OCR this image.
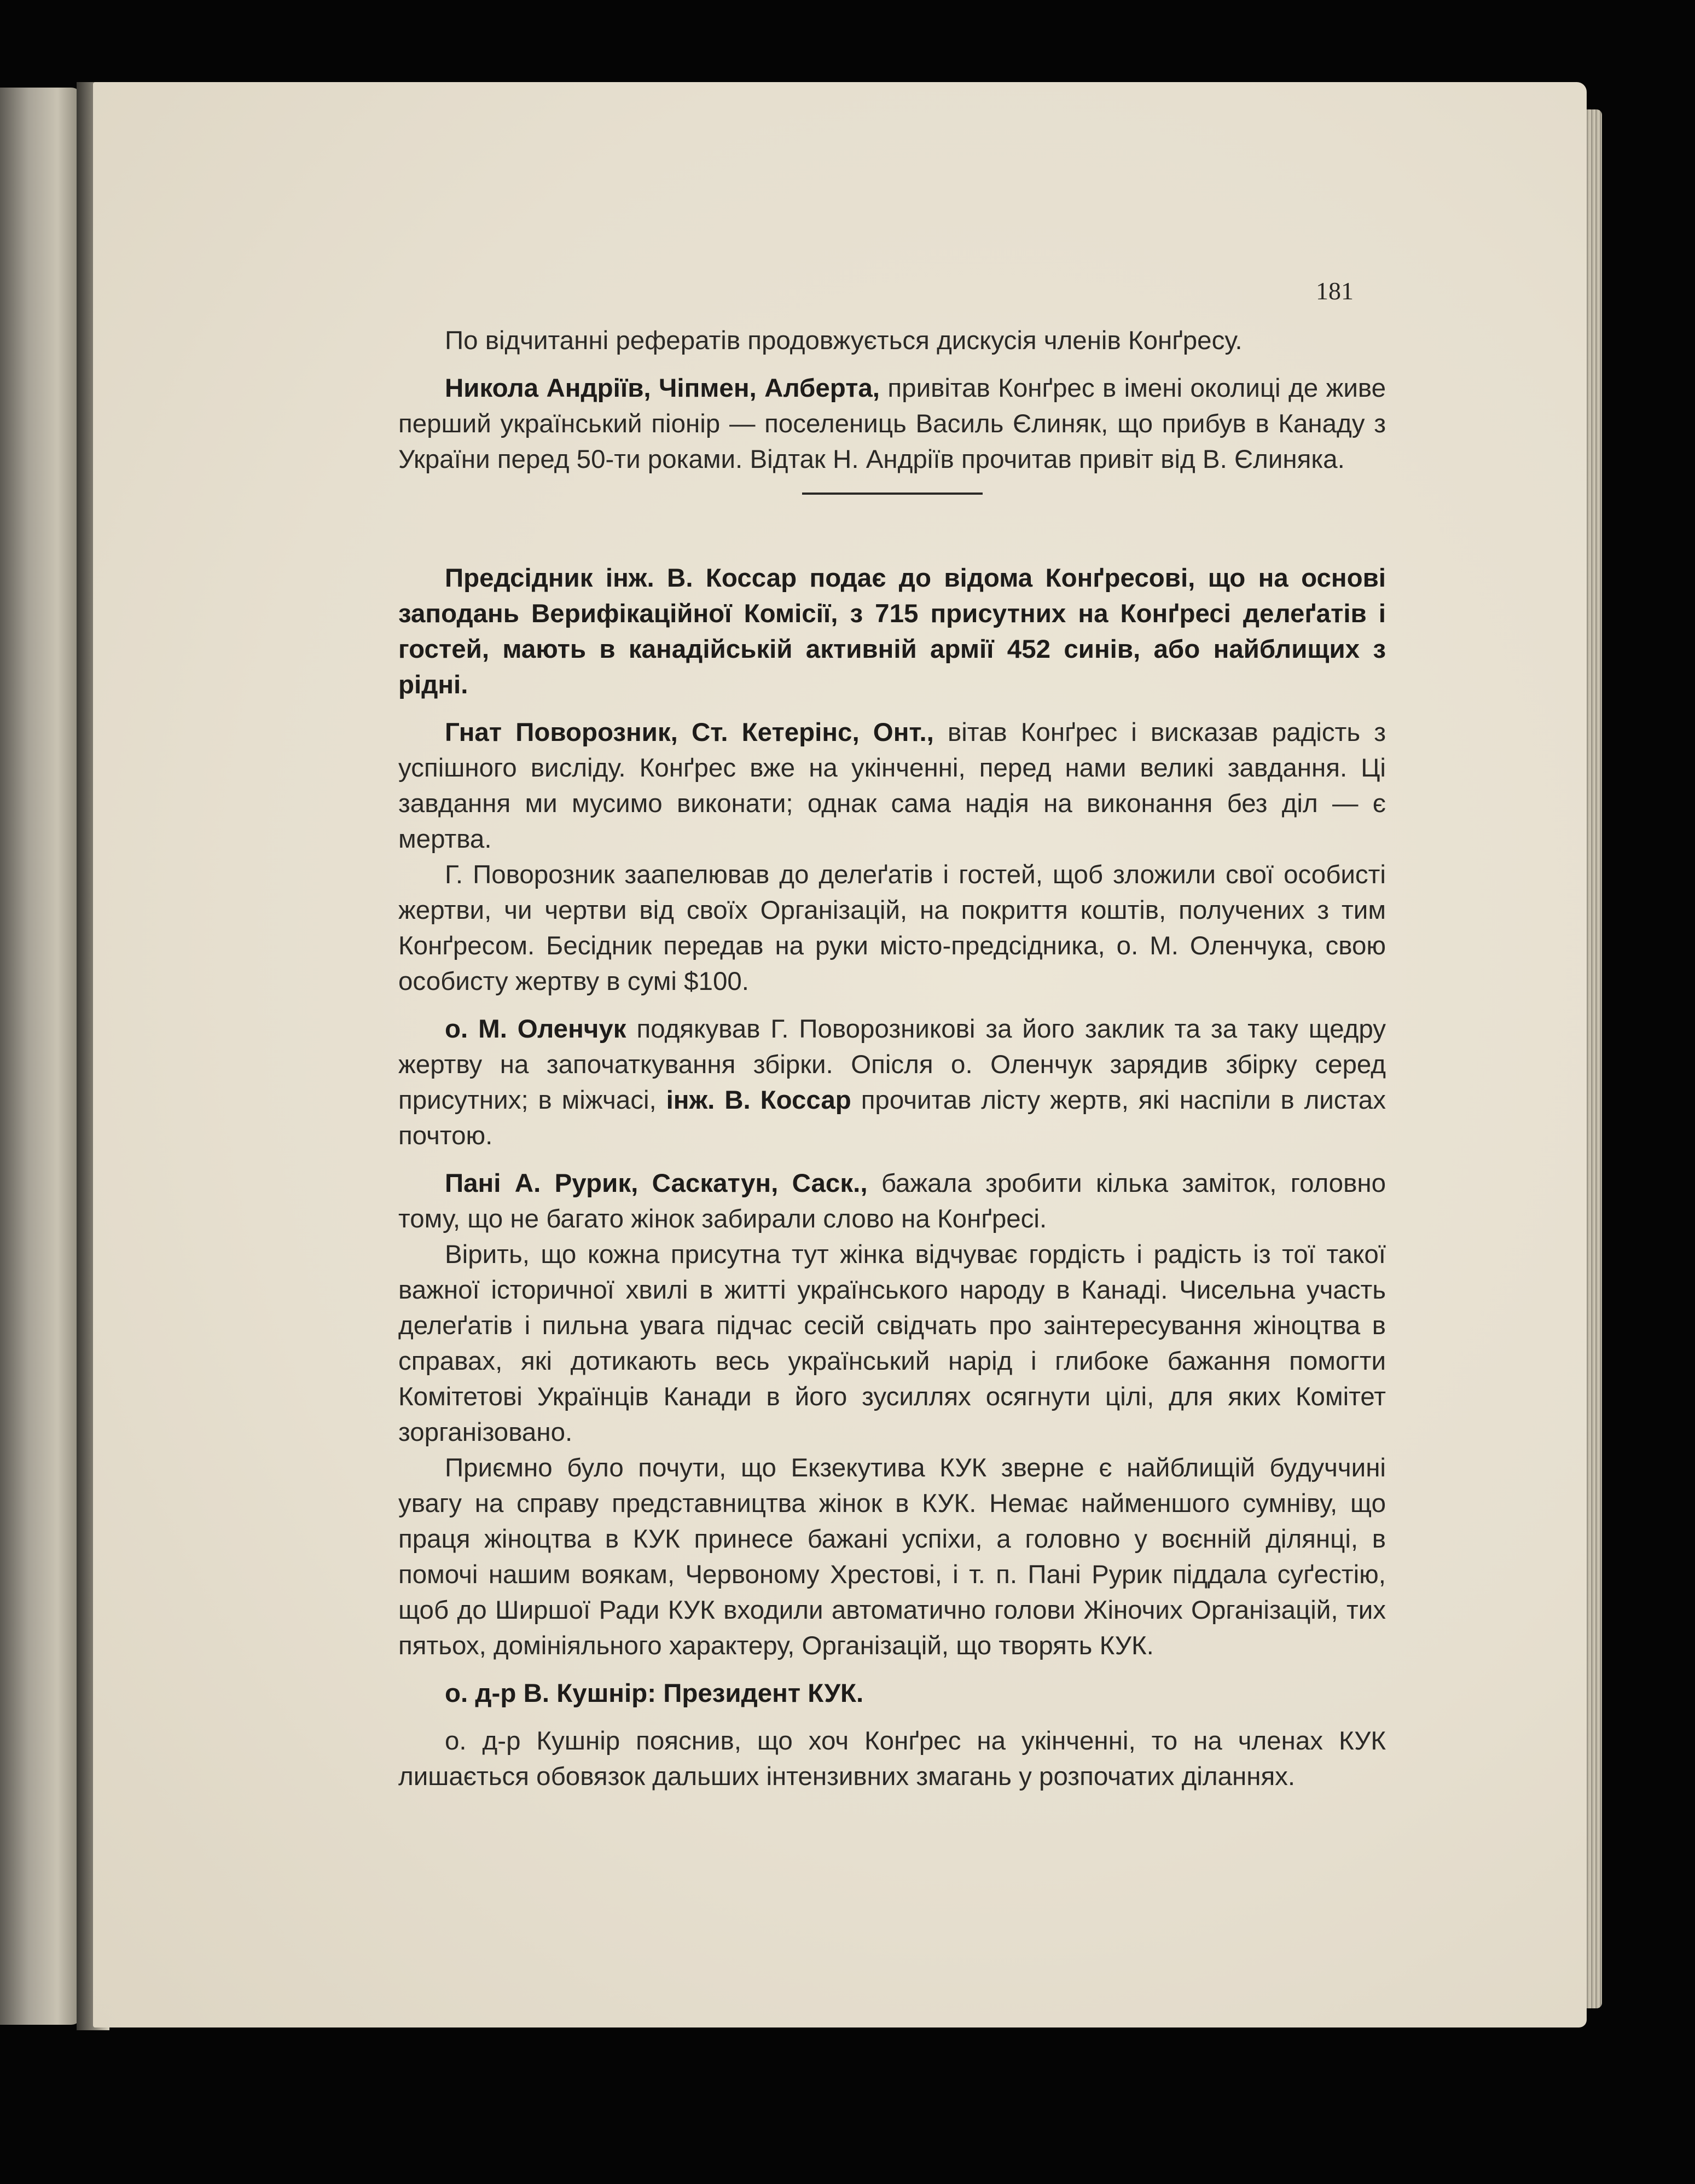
181

По відчитанні рефератів продовжується дискусія членів Конґресу.

Никола Андріїв, Чіпмен, Алберта, привітав Конґрес в імені околиці де живе перший український піонір — поселениць Василь Єлиняк, що прибув в Канаду з України перед 50-ти роками. Відтак Н. Андріїв прочитав привіт від В. Єлиняка.

Предсідник інж. В. Коссар подає до відома Конґресові, що на основі заподань Верифікаційної Комісії, з 715 присутних на Конґресі делеґатів і гостей, мають в канадійській активній армії 452 синів, або найблищих з рідні.

Гнат Поворозник, Ст. Кетерінс, Онт., вітав Конґрес і висказав радість з успішного висліду. Конґрес вже на укінченні, перед нами великі завдання. Ці завдання ми мусимо виконати; однак сама надія на виконання без діл — є мертва.

Г. Поворозник заапелював до делеґатів і гостей, щоб зложили свої особисті жертви, чи чертви від своїх Організацій, на покриття коштів, получених з тим Конґресом. Бесідник передав на руки місто-предсідника, о. М. Оленчука, свою особисту жертву в сумі $100.

о. М. Оленчук подякував Г. Поворозникові за його заклик та за таку щедру жертву на започаткування збірки. Опісля о. Оленчук зарядив збірку серед присутних; в міжчасі, інж. В. Коссар прочитав лісту жертв, які наспіли в листах почтою.

Пані А. Рурик, Саскатун, Саск., бажала зробити кілька заміток, головно тому, що не багато жінок забирали слово на Конґресі.

Вірить, що кожна присутна тут жінка відчуває гордість і радість із тої такої важної історичної хвилі в житті українського народу в Канаді. Чисельна участь делеґатів і пильна увага підчас сесій свідчать про заінтересування жіноцтва в справах, які дотикають весь український нарід і глибоке бажання помогти Комітетові Українців Канади в його зусиллях осягнути цілі, для яких Комітет зорганізовано.

Приємно було почути, що Екзекутива КУК зверне є найблищій будуччині увагу на справу представництва жінок в КУК. Немає найменшого сумніву, що праця жіноцтва в КУК принесе бажані успіхи, а головно у воєнній ділянці, в помочі нашим воякам, Червоному Хрестові, і т. п. Пані Рурик піддала суґестію, щоб до Ширшої Ради КУК входили автоматично голови Жіночих Організацій, тих пятьох, домініяльного характеру, Організацій, що творять КУК.

о. д-р В. Кушнір: Президент КУК.

о. д-р Кушнір пояснив, що хоч Конґрес на укінченні, то на членах КУК лишається обовязок дальших інтензивних змагань у розпочатих діланнях.
